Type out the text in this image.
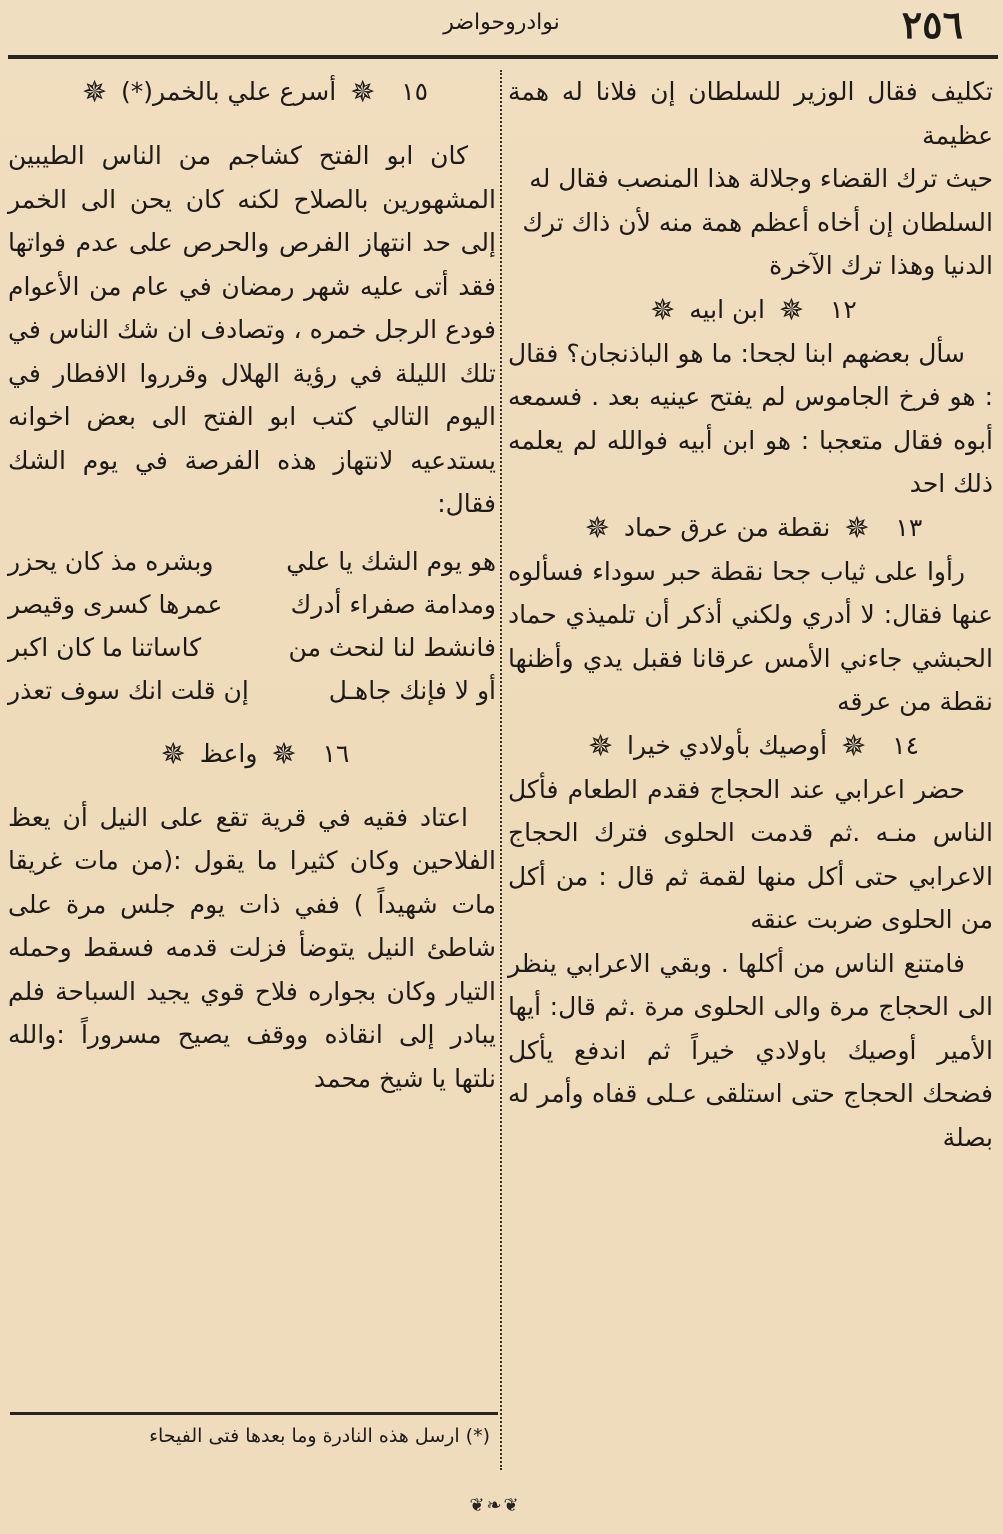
٢٥٦
نوادروحواضر

تكليف فقال الوزير للسلطان إن فلانا له همة عظيمة

حيث ترك القضاء وجلالة هذا المنصب فقال له

السلطان إن أخاه أعظم همة منه لأن ذاك ترك

الدنيا وهذا ترك الآخرة

١٢ ✵ ابن ابيه ✵

سأل بعضهم ابنا لجحا: ما هو الباذنجان؟ فقال : هو فرخ الجاموس لم يفتح عينيه بعد . فسمعه أبوه فقال متعجبا : هو ابن أبيه فوالله لم يعلمه ذلك احد

١٣ ✵ نقطة من عرق حماد ✵

رأوا على ثياب جحا نقطة حبر سوداء فسألوه عنها فقال: لا أدري ولكني أذكر أن تلميذي حماد الحبشي جاءني الأمس عرقانا فقبل يدي وأظنها نقطة من عرقه

١٤ ✵ أوصيك بأولادي خيرا ✵

حضر اعرابي عند الحجاج فقدم الطعام فأكل الناس منـه .ثم قدمت الحلوى فترك الحجاج الاعرابي حتى أكل منها لقمة ثم قال : من أكل من الحلوى ضربت عنقه

فامتنع الناس من أكلها . وبقي الاعرابي ينظر الى الحجاج مرة والى الحلوى مرة .ثم قال: أيها الأمير أوصيك باولادي خيراً ثم اندفع يأكل فضحك الحجاج حتى استلقى عـلى قفاه وأمر له بصلة

١٥ ✵ أسرع علي بالخمر(*) ✵

كان ابو الفتح كشاجم من الناس الطيبين المشهورين بالصلاح لكنه كان يحن الى الخمر إلى حد انتهاز الفرص والحرص على عدم فواتها فقد أتى عليه شهر رمضان في عام من الأعوام فودع الرجل خمره ، وتصادف ان شك الناس في تلك الليلة في رؤية الهلال وقرروا الافطار في اليوم التالي كتب ابو الفتح الى بعض اخوانه يستدعيه لانتهاز هذه الفرصة في يوم الشك فقال:

هو يوم الشك يا علي
وبشره مذ كان يحزر
ومدامة صفراء أدرك
عمرها كسرى وقيصر
فانشط لنا لنحث من
كاساتنا ما كان اكبر
أو لا فإنك جاهـل
إن قلت انك سوف تعذر
١٦ ✵ واعظ ✵

اعتاد فقيه في قرية تقع على النيل أن يعظ الفلاحين وكان كثيرا ما يقول :(من مات غريقا مات شهيداً ) ففي ذات يوم جلس مرة على شاطئ النيل يتوضأ فزلت قدمه فسقط وحمله التيار وكان بجواره فلاح قوي يجيد السباحة فلم يبادر إلى انقاذه ووقف يصيح مسروراً :والله نلتها يا شيخ محمد

(*) ارسل هذه النادرة وما بعدها فتى الفيحاء
❦❧❦
